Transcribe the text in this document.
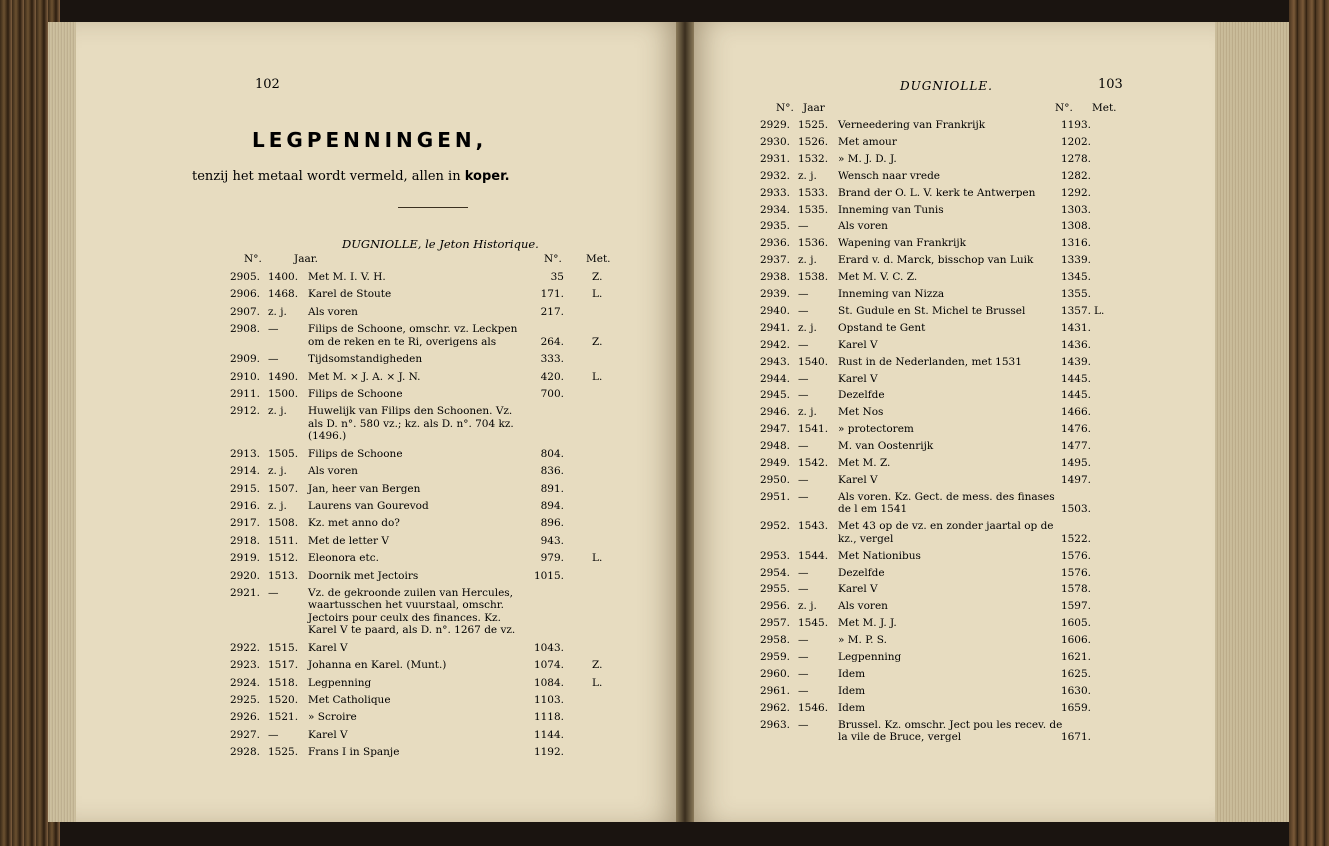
102	103
LEGPENNINGEN,
tenzij het metaal wordt vermeld, allen in koper.
DUGNIOLLE, le Jeton Historique.
DUGNIOLLE.
N°.	Jaar.	N°. Met.
N°. Jaar	N°. Met.
2905. 1400. Met M. I. V. H.	35	Z.
2906. 1468. Karel de Stoute	171.	L.
2907. z. j.	Als voren	217.
2908. —	Filips de Schoone, omschr. vz. Leckpen om de reken en te Ri, overigens als	264.	Z.
2909. —	Tijdsomstandigheden	333.
2910. 1490. Met M. × J. A. × J. N.	420.	L.
2911. 1500. Filips de Schoone	700.
2912. z. j.	Huwelijk van Filips den Schoonen. Vz. als D. n°. 580 vz.; kz. als D. n°. 704 kz. (1496.)
2913. 1505. Filips de Schoone	804.
2914. z. j.	Als voren	836.
2915. 1507. Jan, heer van Bergen	891.
2916. z. j.	Laurens van Gourevod	894.
2917. 1508. Kz. met anno do?	896.
2918. 1511. Met de letter V	943.
2919. 1512. Eleonora etc.	979.	L.
2920. 1513. Doornik met Jectoirs	1015.
2921. —	Vz. de gekroonde zuilen van Hercules, waartusschen het vuurstaal, omschr. Jectoirs pour ceulx des finances. Kz. Karel V te paard, als D. n°. 1267 de vz.
2922. 1515. Karel V	1043.
2923. 1517. Johanna en Karel. (Munt.)	1074.	Z.
2924. 1518. Legpenning	1084.	L.
2925. 1520. Met Catholique	1103.
2926. 1521. » Scroire	1118.
2927. —	Karel V	1144.
2928. 1525. Frans I in Spanje	1192.
2929. 1525. Verneedering van Frankrijk	1193.
2930. 1526. Met amour	1202.
2931. 1532. » M. J. D. J.	1278.
2932. z. j.	Wensch naar vrede	1282.
2933. 1533. Brand der O. L. V. kerk te Antwerpen	1292.
2934. 1535. Inneming van Tunis	1303.
2935. —	Als voren	1308.
2936. 1536. Wapening van Frankrijk	1316.
2937. z. j.	Erard v. d. Marck, bisschop van Luik	1339.
2938. 1538. Met M. V. C. Z.	1345.
2939. —	Inneming van Nizza	1355.
2940. —	St. Gudule en St. Michel te Brussel	1357. L.
2941. z. j.	Opstand te Gent	1431.
2942. —	Karel V	1436.
2943. 1540. Rust in de Nederlanden, met 1531	1439.
2944. —	Karel V	1445.
2945. —	Dezelfde	1445.
2946. z. j.	Met Nos	1466.
2947. 1541. » protectorem	1476.
2948. —	M. van Oostenrijk	1477.
2949. 1542. Met M. Z.	1495.
2950. —	Karel V	1497.
2951. —	Als voren. Kz. Gect. de mess. des finases de l em 1541	1503.
2952. 1543. Met 43 op de vz. en zonder jaartal op de kz., vergel	1522.
2953. 1544. Met Nationibus	1576.
2954. —	Dezelfde	1576.
2955. —	Karel V	1578.
2956. z. j.	Als voren	1597.
2957. 1545. Met M. J. J.	1605.
2958. —	» M. P. S.	1606.
2959. —	Legpenning	1621.
2960. —	Idem	1625.
2961. —	Idem	1630.
2962. 1546. Idem	1659.
2963. —	Brussel. Kz. omschr. Ject pou les recev. de la vile de Bruce, vergel	1671.
